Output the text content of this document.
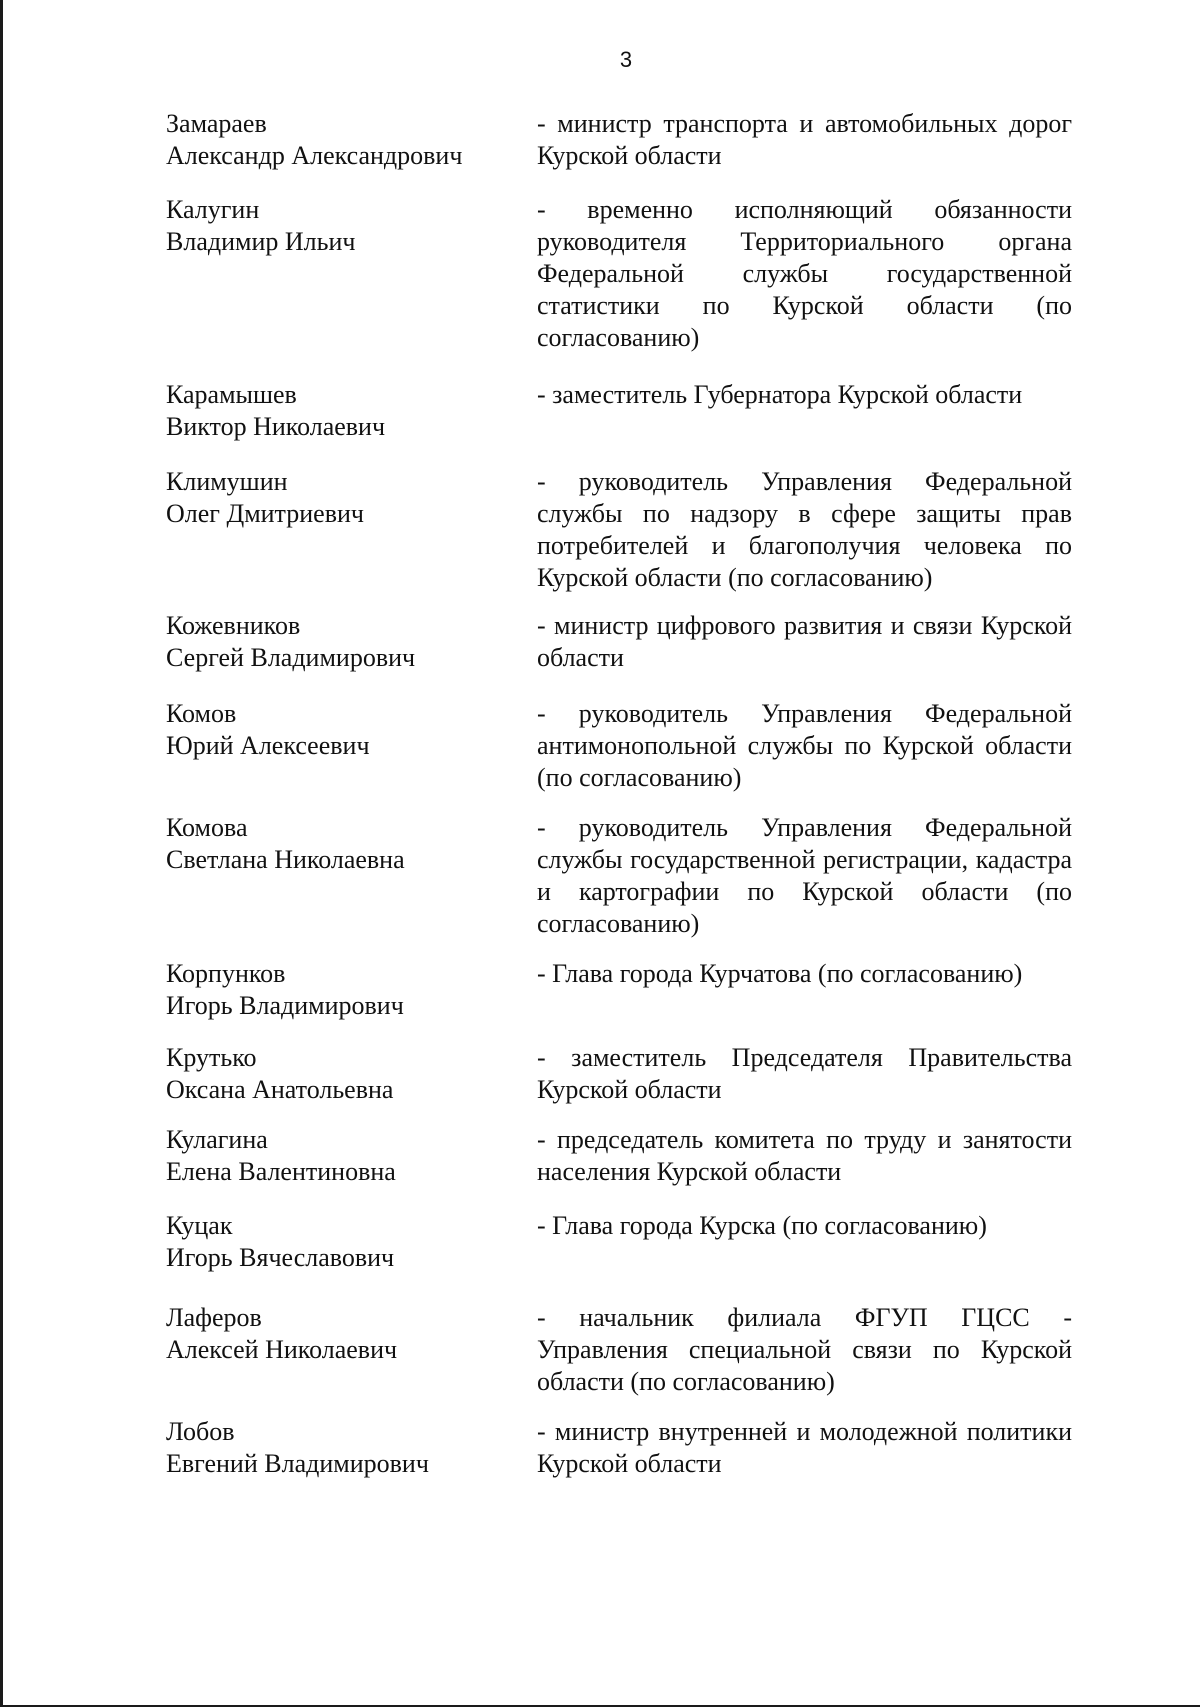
3
Замараев
Александр Александрович
- министр транспорта и автомобильных дорог Курской области
Калугин
Владимир Ильич
- временно исполняющий обязанности руководителя Территориального органа Федеральной службы государственной статистики по Курской области (по согласованию)
Карамышев
Виктор Николаевич
- заместитель Губернатора Курской области
Климушин
Олег Дмитриевич
- руководитель Управления Федеральной службы по надзору в сфере защиты прав потребителей и благополучия человека по Курской области (по согласованию)
Кожевников
Сергей Владимирович
- министр цифрового развития и связи Курской области
Комов
Юрий Алексеевич
- руководитель Управления Федеральной антимонопольной службы по Курской области (по согласованию)
Комова
Светлана Николаевна
- руководитель Управления Федеральной службы государственной регистрации, кадастра и картографии по Курской области (по согласованию)
Корпунков
Игорь Владимирович
- Глава города Курчатова (по согласованию)
Крутько
Оксана Анатольевна
- заместитель Председателя Правительства Курской области
Кулагина
Елена Валентиновна
- председатель комитета по труду и занятости населения Курской области
Куцак
Игорь Вячеславович
- Глава города Курска (по согласованию)
Лаферов
Алексей Николаевич
- начальник филиала ФГУП ГЦСС - Управления специальной связи по Курской области (по согласованию)
Лобов
Евгений Владимирович
- министр внутренней и молодежной политики Курской области
